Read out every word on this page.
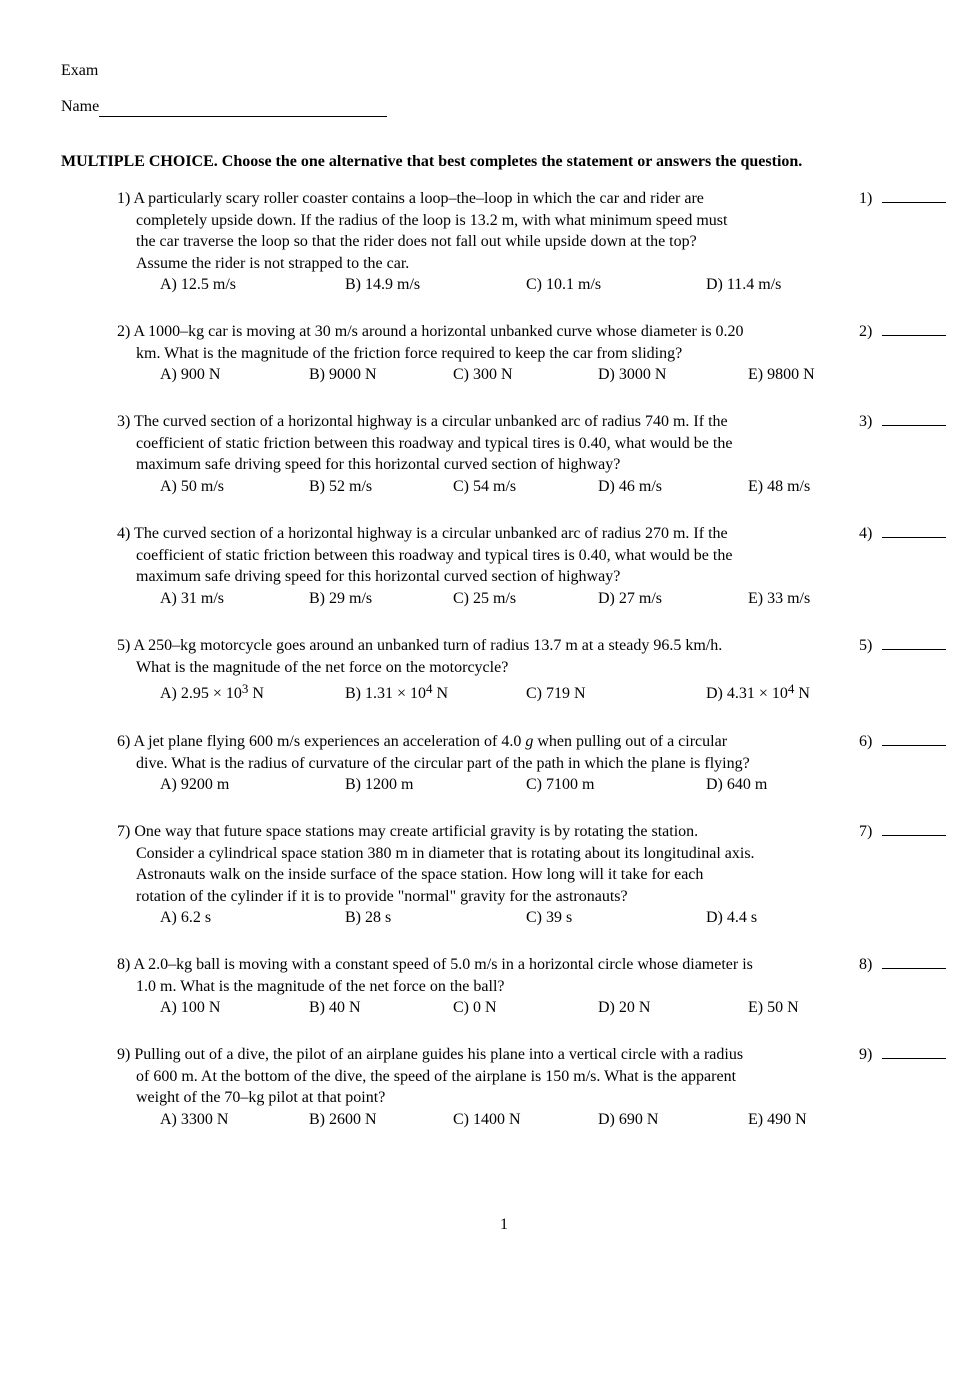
Exam
Name
MULTIPLE CHOICE. Choose the one alternative that best completes the statement or answers the question.
1) A particularly scary roller coaster contains a loop–the–loop in which the car and rider are
completely upside down. If the radius of the loop is 13.2 m, with what minimum speed must
the car traverse the loop so that the rider does not fall out while upside down at the top?
Assume the rider is not strapped to the car.
A) 12.5 m/s	B) 14.9 m/s	C) 10.1 m/s	D) 11.4 m/s
1)
2) A 1000–kg car is moving at 30 m/s around a horizontal unbanked curve whose diameter is 0.20
km. What is the magnitude of the friction force required to keep the car from sliding?
A) 900 N	B) 9000 N	C) 300 N	D) 3000 N	E) 9800 N
2)
3) The curved section of a horizontal highway is a circular unbanked arc of radius 740 m. If the
coefficient of static friction between this roadway and typical tires is 0.40, what would be the
maximum safe driving speed for this horizontal curved section of highway?
A) 50 m/s	B) 52 m/s	C) 54 m/s	D) 46 m/s	E) 48 m/s
3)
4) The curved section of a horizontal highway is a circular unbanked arc of radius 270 m. If the
coefficient of static friction between this roadway and typical tires is 0.40, what would be the
maximum safe driving speed for this horizontal curved section of highway?
A) 31 m/s	B) 29 m/s	C) 25 m/s	D) 27 m/s	E) 33 m/s
4)
5) A 250–kg motorcycle goes around an unbanked turn of radius 13.7 m at a steady 96.5 km/h.
What is the magnitude of the net force on the motorcycle?
A) $2.95 \times 10^3$ N	B) $1.31 \times 10^4$ N	C) 719 N	D) $4.31 \times 10^4$ N
5)
6) A jet plane flying 600 m/s experiences an acceleration of 4.0 g when pulling out of a circular
dive. What is the radius of curvature of the circular part of the path in which the plane is flying?
A) 9200 m	B) 1200 m	C) 7100 m	D) 640 m
6)
7) One way that future space stations may create artificial gravity is by rotating the station.
Consider a cylindrical space station 380 m in diameter that is rotating about its longitudinal axis.
Astronauts walk on the inside surface of the space station. How long will it take for each
rotation of the cylinder if it is to provide "normal" gravity for the astronauts?
A) 6.2 s	B) 28 s	C) 39 s	D) 4.4 s
7)
8) A 2.0–kg ball is moving with a constant speed of 5.0 m/s in a horizontal circle whose diameter is
1.0 m. What is the magnitude of the net force on the ball?
A) 100 N	B) 40 N	C) 0 N	D) 20 N	E) 50 N
8)
9) Pulling out of a dive, the pilot of an airplane guides his plane into a vertical circle with a radius
of 600 m. At the bottom of the dive, the speed of the airplane is 150 m/s. What is the apparent
weight of the 70–kg pilot at that point?
A) 3300 N	B) 2600 N	C) 1400 N	D) 690 N	E) 490 N
9)
1
